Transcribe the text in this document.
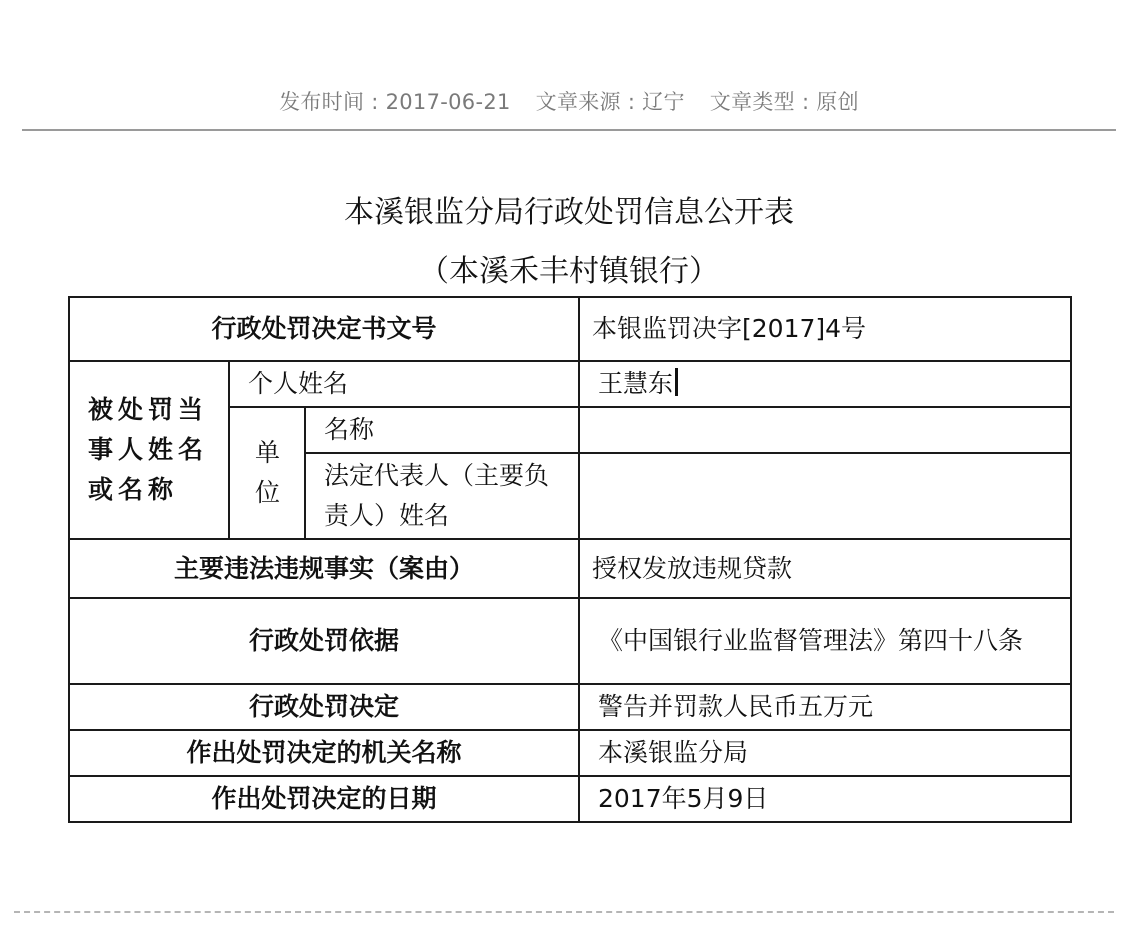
发布时间 : 2017-06-21 文章来源 : 辽宁 文章类型 : 原创
本溪银监分局行政处罚信息公开表
（本溪禾丰村镇银行）
行政处罚决定书文号			本银监罚决字[2017]4号
被处罚当事人姓名或名称	个人姓名		王慧东
	单位	名称	
		法定代表人（主要负责人）姓名	
主要违法违规事实（案由）			授权发放违规贷款
行政处罚依据			《中国银行业监督管理法》第四十八条
行政处罚决定			警告并罚款人民币五万元
作出处罚决定的机关名称			本溪银监分局
作出处罚决定的日期			2017年5月9日
